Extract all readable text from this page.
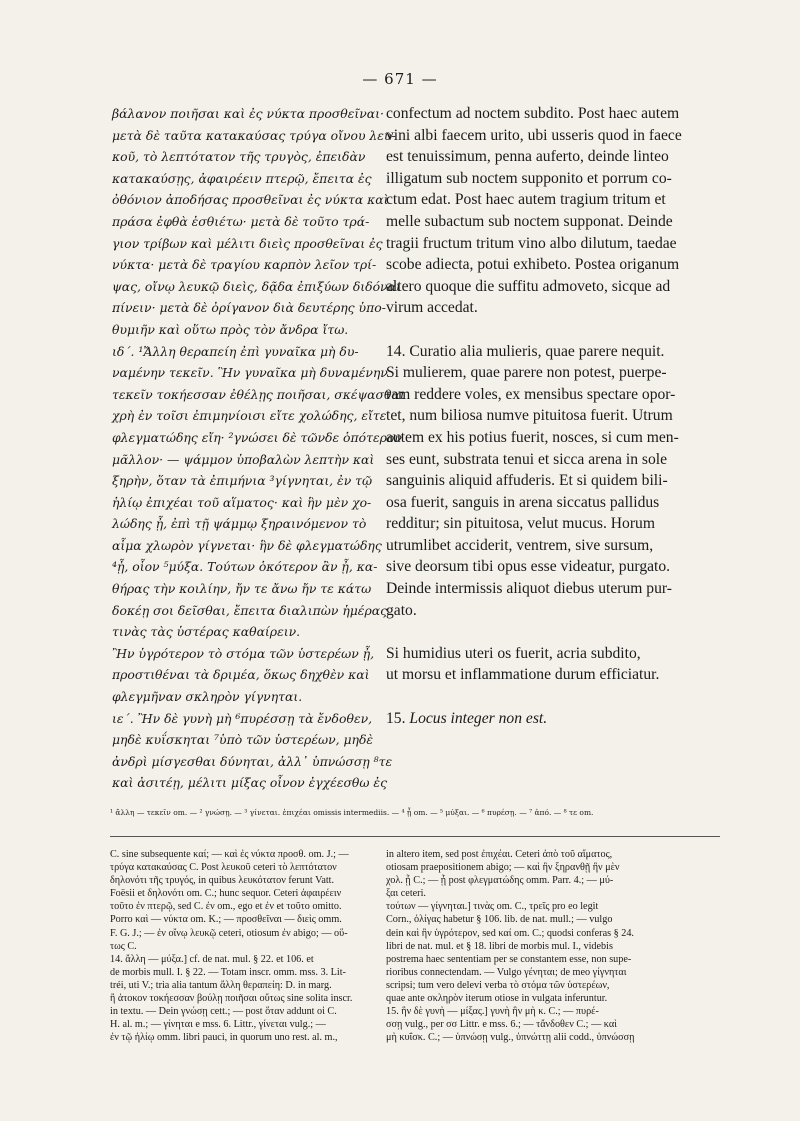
— 671 —
βάλανον ποιῆσαι καὶ ἐς νύκτα προσθεῖναι·
μετὰ δὲ ταῦτα κατακαύσας τρύγα οἴνου λευ-
κοῦ, τὸ λεπτότατον τῆς τρυγὸς, ἐπειδὰν
κατακαύσῃς, ἀφαιρέειν πτερῷ, ἔπειτα ἐς
ὀθόνιον ἀποδήσας προσθεῖναι ἐς νύκτα καὶ
πράσα ἐφθὰ ἐσθιέτω· μετὰ δὲ τοῦτο τρά-
γιον τρίβων καὶ μέλιτι διεὶς προσθεῖναι ἐς
νύκτα· μετὰ δὲ τραγίου καρπὸν λεῖον τρί-
ψας, οἴνῳ λευκῷ διεὶς, δᾷδα ἐπιξύων διδόναι
πίνειν· μετὰ δὲ ὀρίγανον διὰ δευτέρης ὑπο-
θυμιῆν καὶ οὕτω πρὸς τὸν ἄνδρα ἴτω.
ιδ΄. ¹Ἄλλη θεραπείη ἐπὶ γυναῖκα μὴ δυ-
ναμένην τεκεῖν. Ἣν γυναῖκα μὴ δυναμένην
τεκεῖν τοκήεσσαν ἐθέλῃς ποιῆσαι, σκέψασθαι
χρὴ ἐν τοῖσι ἐπιμηνίοισι εἴτε χολώδης, εἴτε
φλεγματώδης εἴη· ²γνώσει δὲ τῶνδε ὁπότερον
μᾶλλον· — ψάμμον ὑποβαλὼν λεπτὴν καὶ
ξηρὴν, ὅταν τὰ ἐπιμήνια ³γίγνηται, ἐν τῷ
ἡλίῳ ἐπιχέαι τοῦ αἵματος· καὶ ἣν μὲν χο-
λώδης ᾖ, ἐπὶ τῇ ψάμμῳ ξηραινόμενον τὸ
αἷμα χλωρὸν γίγνεται· ἣν δὲ φλεγματώδης
⁴ᾖ, οἷον ⁵μύξα. Τούτων ὁκότερον ἂν ᾖ, κα-
θήρας τὴν κοιλίην, ἤν τε ἄνω ἤν τε κάτω
δοκέῃ σοι δεῖσθαι, ἔπειτα διαλιπὼν ἡμέρας
τινὰς τὰς ὑστέρας καθαίρειν.
Ἢν ὑγρότερον τὸ στόμα τῶν ὑστερέων ᾖ,
προστιθέναι τὰ δριμέα, ὅκως δηχθὲν καὶ
φλεγμῆναν σκληρὸν γίγνηται.
ιε΄. Ἢν δὲ γυνὴ μὴ ⁶πυρέσσῃ τὰ ἔνδοθεν,
μηδὲ κυΐσκηται ⁷ὑπὸ τῶν ὑστερέων, μηδὲ
ἀνδρὶ μίσγεσθαι δύνηται, ἀλλ᾽ ὑπνώσσῃ ⁸τε
καὶ ἀσιτέῃ, μέλιτι μίξας οἶνον ἐγχέεσθω ἐς
confectum ad noctem subdito. Post haec autem
vini albi faecem urito, ubi usseris quod in faece
est tenuissimum, penna auferto, deinde linteo
illigatum sub noctem supponito et porrum co-
ctum edat. Post haec autem tragium tritum et
melle subactum sub noctem supponat. Deinde
tragii fructum tritum vino albo dilutum, taedae
scobe adiecta, potui exhibeto. Postea origanum
altero quoque die suffitu admoveto, sicque ad
virum accedat.
14. Curatio alia mulieris, quae parere nequit.
Si mulierem, quae parere non potest, puerpe-
ram reddere voles, ex mensibus spectare opor-
tet, num biliosa numve pituitosa fuerit. Utrum
autem ex his potius fuerit, nosces, si cum men-
ses eunt, substrata tenui et sicca arena in sole
sanguinis aliquid affuderis. Et si quidem bili-
osa fuerit, sanguis in arena siccatus pallidus
redditur; sin pituitosa, velut mucus. Horum
utrumlibet acciderit, ventrem, sive sursum,
sive deorsum tibi opus esse videatur, purgato.
Deinde intermissis aliquot diebus uterum pur-
gato.
Si humidius uteri os fuerit, acria subdito,
ut morsu et inflammatione durum efficiatur.
15. Locus integer non est.
¹ ἄλλη — τεκεῖν om. — ² γνώσῃ. — ³ γίνεται. ἐπιχέαι omissis intermediis. — ⁴ ᾖ om. — ⁵ μύξαι. — ⁶ πυρέσῃ. — ⁷ ἀπό. — ⁸ τε om.
C. sine subsequente καί; — καὶ ἐς νύκτα προσθ. om. J.; —
τρύγα κατακαύσας C. Post λευκοῦ ceteri τὸ λεπτότατον
δηλονότι τῆς τρυγός, in quibus λευκότατον ferunt Vatt.
Foësii et δηλονότι om. C.; hunc sequor. Ceteri ἀφαιρέειν
τοῦτο ἐν πτερῷ, sed C. ἐν om., ego et ἐν et τοῦτο omitto.
Porro καὶ — νύκτα om. K.; — προσθεῖναι — διεὶς omm.
F. G. J.; — ἐν οἴνῳ λευκῷ ceteri, otiosum ἐν abigo; — οὕ-
τως C.
14. ἄλλη — μύξα.] cf. de nat. mul. § 22. et 106. et
de morbis mull. I. § 22. — Totam inscr. omm. mss. 3. Lit-
tréi, uti V.; tria alia tantum ἄλλη θεραπείη: D. in marg.
ἢ ἀτοκον τοκήεσσαν βούλῃ ποιῆσαι οὕτως sine solita inscr.
in textu. — Dein γνώσῃ cett.; — post ὅταν addunt οἱ C.
H. al. m.; — γίνηται e mss. 6. Littr., γίνεται vulg.; —
ἐν τῷ ἡλίῳ omm. libri pauci, in quorum uno rest. al. m.,
in altero item, sed post ἐπιχέαι. Ceteri ἀπὸ τοῦ αἵματος,
otiosam praepositionem abigo; — καὶ ἣν ξηρανθῇ ἣν μὲν
χολ. ᾖ C.; — ᾖ post φλεγματώδης omm. Parr. 4.; — μύ-
ξαι ceteri.
τούτων — γίγνηται.] τινὰς om. C., τρεῖς pro eo legit
Corn., ὀλίγας habetur § 106. lib. de nat. mull.; — vulgo
dein καὶ ἢν ὑγρότερον, sed καί om. C.; quodsi conferas § 24.
libri de nat. mul. et § 18. libri de morbis mul. I., videbis
postrema haec sententiam per se constantem esse, non supe-
rioribus connectendam. — Vulgo γένηται; de meo γίγνηται
scripsi; tum vero delevi verba τὸ στόμα τῶν ὑστερέων,
quae ante σκληρὸν iterum otiose in vulgata inferuntur.
15. ἣν δὲ γυνὴ — μίξας.] γυνὴ ἣν μὴ κ. C.; — πυρέ-
σσῃ vulg., per σσ Littr. e mss. 6.; — τἄνδοθεν C.; — καὶ
μὴ κυΐσκ. C.; — ὑπνώσῃ vulg., ὑπνώττῃ alii codd., ὑπνώσσῃ
